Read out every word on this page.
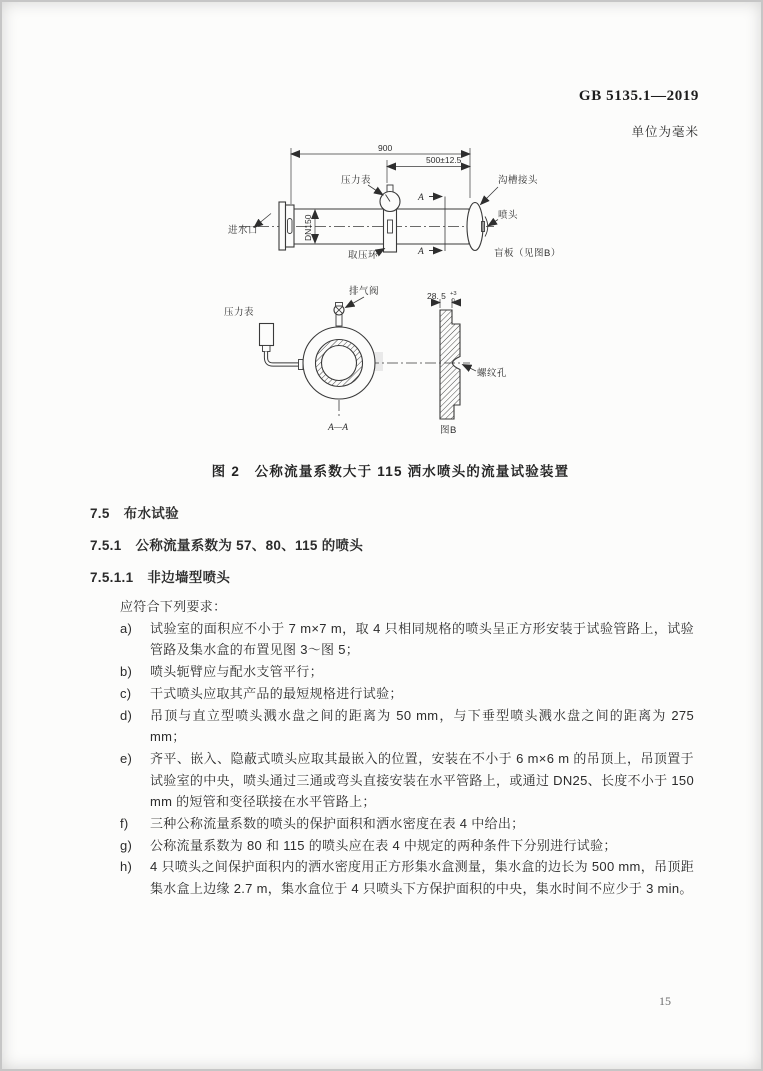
GB 5135.1—2019
单位为毫米
900
500±12.5
压力表	沟槽接头
喷头
进水口	DN150
取压环	盲板（见图B）
A
A
排气阀
压力表
A—A
28. 5 +3
0
螺纹孔
图B
图 2　公称流量系数大于 115 洒水喷头的流量试验装置
7.5 布水试验
7.5.1 公称流量系数为 57、80、115 的喷头
7.5.1.1 非边墙型喷头
应符合下列要求：
a)	试验室的面积应不小于 7 m×7 m，取 4 只相同规格的喷头呈正方形安装于试验管路上，试验管路及集水盒的布置见图 3～图 5；
b)	喷头轭臂应与配水支管平行；
c)	干式喷头应取其产品的最短规格进行试验；
d)	吊顶与直立型喷头溅水盘之间的距离为 50 mm，与下垂型喷头溅水盘之间的距离为 275 mm；
e)	齐平、嵌入、隐蔽式喷头应取其最嵌入的位置，安装在不小于 6 m×6 m 的吊顶上，吊顶置于试验室的中央，喷头通过三通或弯头直接安装在水平管路上，或通过 DN25、长度不小于 150 mm 的短管和变径联接在水平管路上；
f)	三种公称流量系数的喷头的保护面积和洒水密度在表 4 中给出；
g)	公称流量系数为 80 和 115 的喷头应在表 4 中规定的两种条件下分别进行试验；
h)	4 只喷头之间保护面积内的洒水密度用正方形集水盒测量，集水盒的边长为 500 mm，吊顶距集水盒上边缘 2.7 m，集水盒位于 4 只喷头下方保护面积的中央，集水时间不应少于 3 min。
15
